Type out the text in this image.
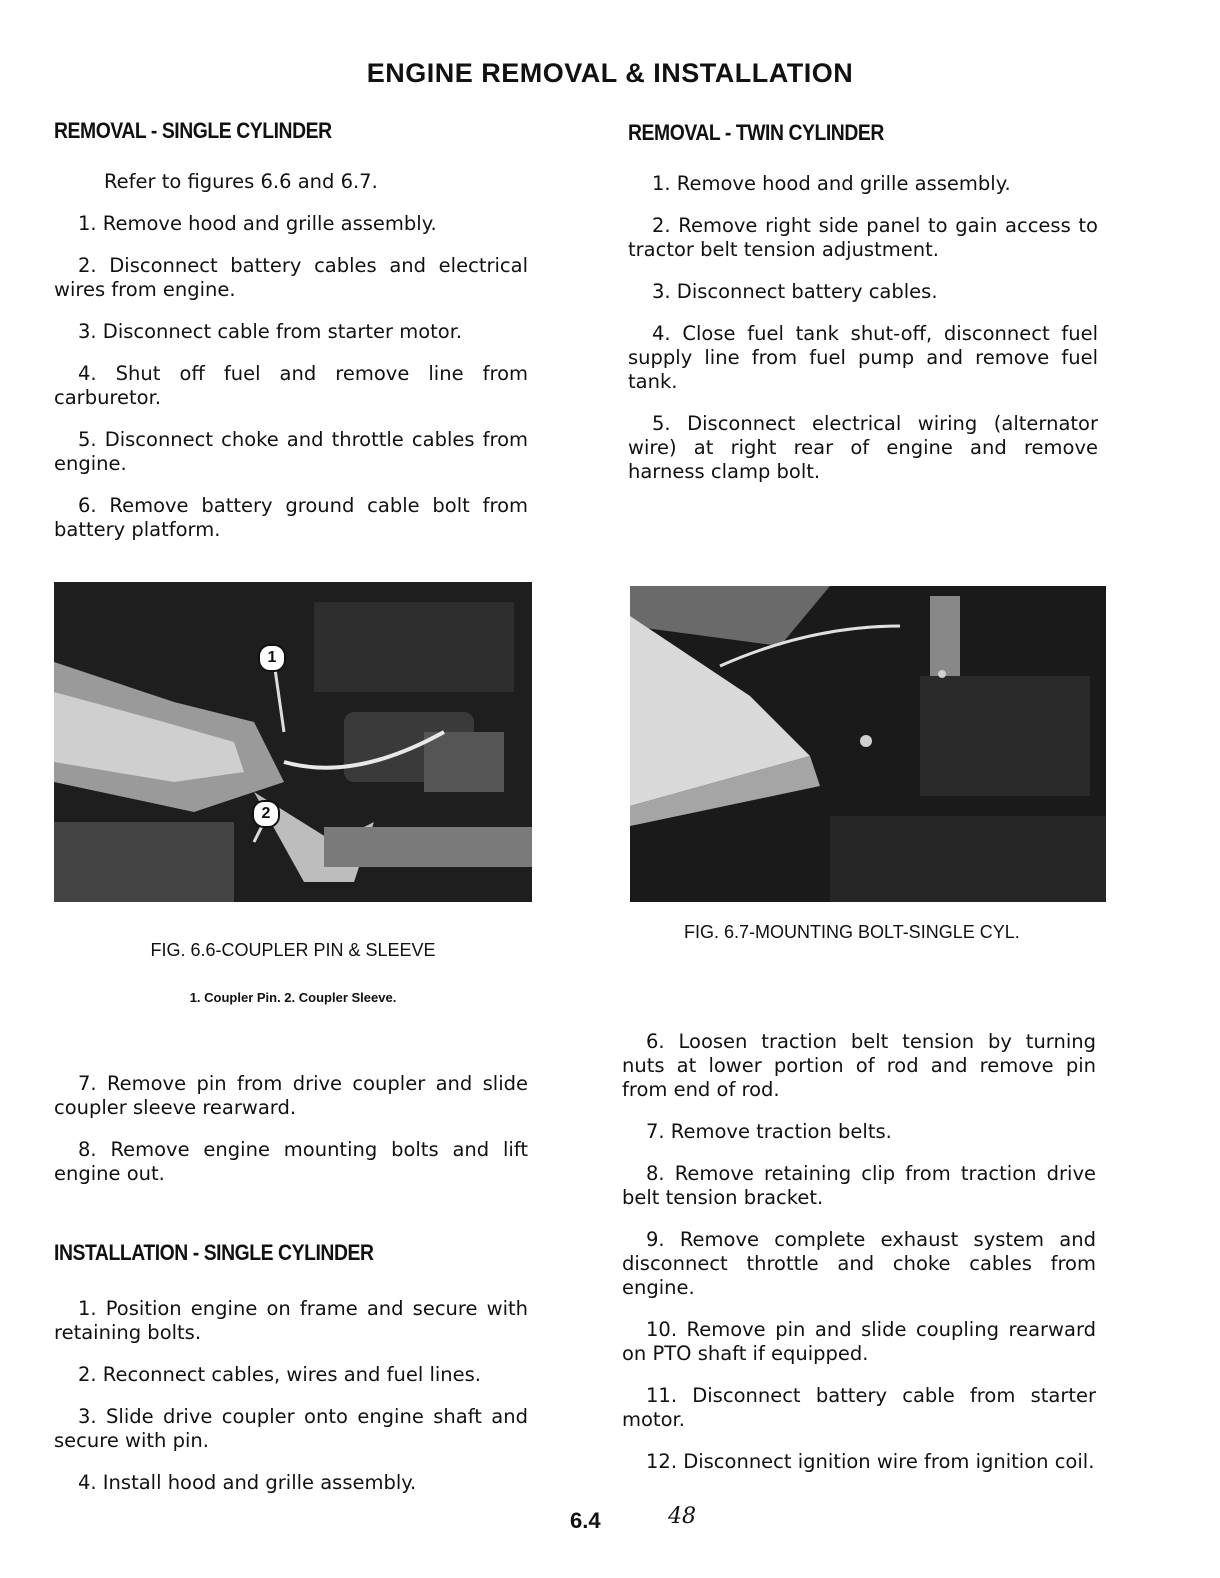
ENGINE REMOVAL & INSTALLATION
REMOVAL - SINGLE CYLINDER

Refer to figures 6.6 and 6.7.

1. Remove hood and grille assembly.

2. Disconnect battery cables and electrical wires from engine.

3. Disconnect cable from starter motor.

4. Shut off fuel and remove line from carburetor.

5. Disconnect choke and throttle cables from engine.

6. Remove battery ground cable bolt from battery platform.

1
2
FIG. 6.6-COUPLER PIN & SLEEVE
1. Coupler Pin. 2. Coupler Sleeve.

7. Remove pin from drive coupler and slide coupler sleeve rearward.

8. Remove engine mounting bolts and lift engine out.

INSTALLATION - SINGLE CYLINDER

1. Position engine on frame and secure with retaining bolts.

2. Reconnect cables, wires and fuel lines.

3. Slide drive coupler onto engine shaft and secure with pin.

4. Install hood and grille assembly.

REMOVAL - TWIN CYLINDER

1. Remove hood and grille assembly.

2. Remove right side panel to gain access to tractor belt tension adjustment.

3. Disconnect battery cables.

4. Close fuel tank shut-off, disconnect fuel supply line from fuel pump and remove fuel tank.

5. Disconnect electrical wiring (alternator wire) at right rear of engine and remove harness clamp bolt.

FIG. 6.7-MOUNTING BOLT-SINGLE CYL.

6. Loosen traction belt tension by turning nuts at lower portion of rod and remove pin from end of rod.

7. Remove traction belts.

8. Remove retaining clip from traction drive belt tension bracket.

9. Remove complete exhaust system and disconnect throttle and choke cables from engine.

10. Remove pin and slide coupling rearward on PTO shaft if equipped.

11. Disconnect battery cable from starter motor.

12. Disconnect ignition wire from ignition coil.

6.4	48
